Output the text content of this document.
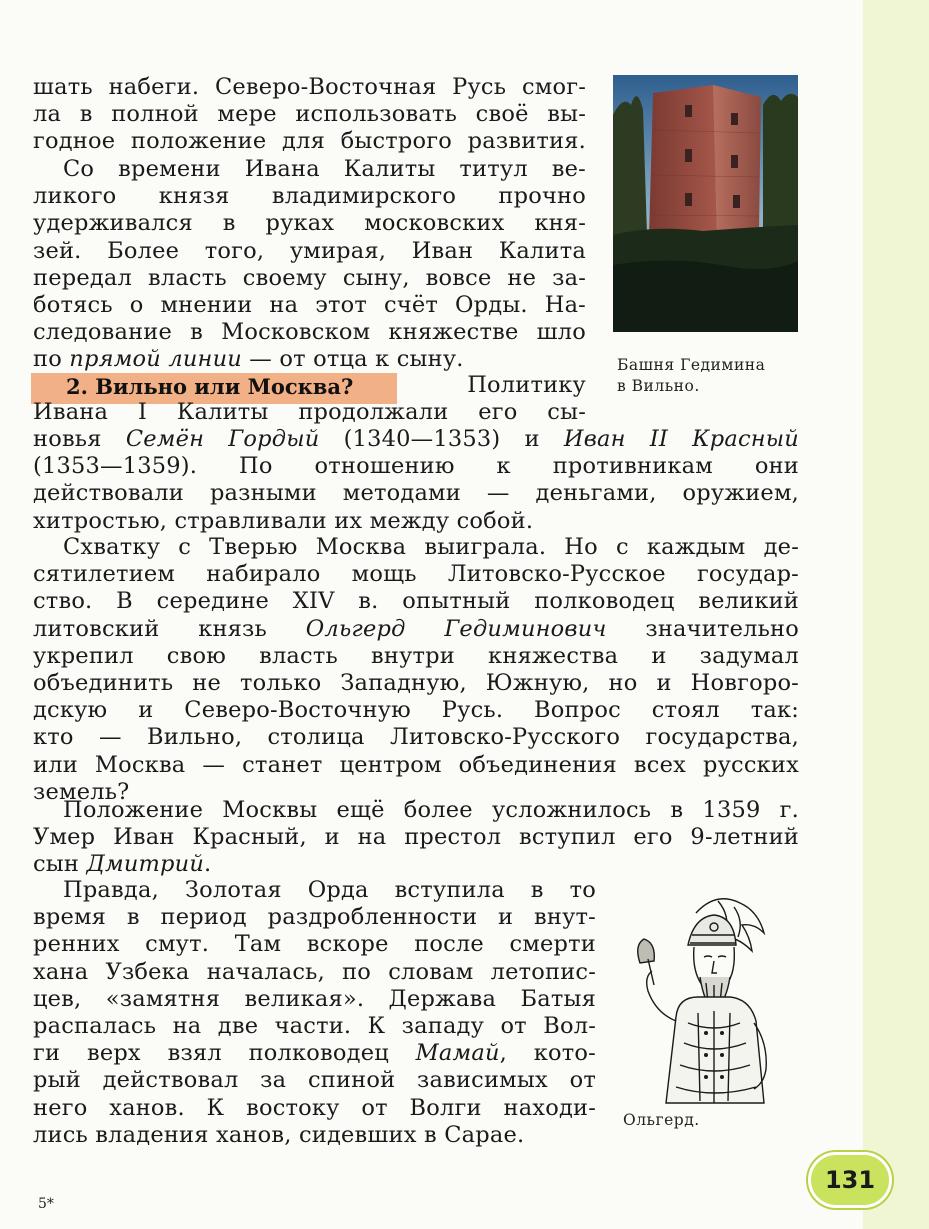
шать набеги. Северо-Восточная Русь смог-
ла в полной мере использовать своё вы-
годное положение для быстрого развития.
Со времени Ивана Калиты титул ве-
ликого князя владимирского прочно
удерживался в руках московских кня-
зей. Более того, умирая, Иван Калита
передал власть своему сыну, вовсе не за-
ботясь о мнении на этот счёт Орды. На-
следование в Московском княжестве шло
по прямой линии — от отца к сыну.
2. Вильно или Москва?	Политику
Ивана I Калиты продолжали его сы-
новья Семён Гордый (1340—1353) и Иван II Красный
(1353—1359). По отношению к противникам они
действовали разными методами — деньгами, оружием,
хитростью, стравливали их между собой.
Схватку с Тверью Москва выиграла. Но с каждым де-
сятилетием набирало мощь Литовско-Русское государ-
ство. В середине XIV в. опытный полководец великий
литовский князь Ольгерд Гедиминович значительно
укрепил свою власть внутри княжества и задумал
объединить не только Западную, Южную, но и Новгоро-
дскую и Северо-Восточную Русь. Вопрос стоял так:
кто — Вильно, столица Литовско-Русского государства,
или Москва — станет центром объединения всех русских
земель?
Положение Москвы ещё более усложнилось в 1359 г.
Умер Иван Красный, и на престол вступил его 9-летний
сын Дмитрий.
Правда, Золотая Орда вступила в то
время в период раздробленности и внут-
ренних смут. Там вскоре после смерти
хана Узбека началась, по словам летопис-
цев, «замятня великая». Держава Батыя
распалась на две части. К западу от Вол-
ги верх взял полководец Мамай, кото-
рый действовал за спиной зависимых от
него ханов. К востоку от Волги находи-
лись владения ханов, сидевших в Сарае.
Башня Гедимина
в Вильно.
Ольгерд.
131
5*
